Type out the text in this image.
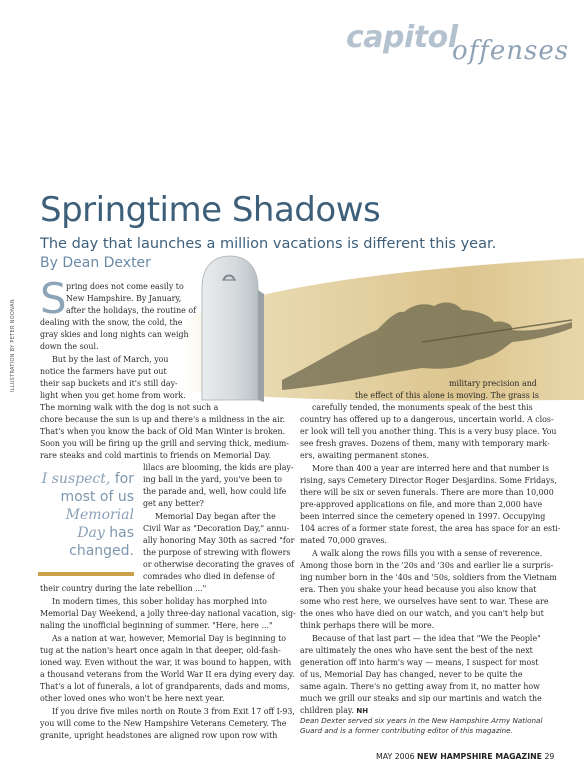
capitol
offenses
Springtime Shadows
The day that launches a million vacations is different this year.
By Dean Dexter
ILLUSTRATION BY PETER NOONAN
S pring does not come easily to
New Hampshire. By January,
after the holidays, the routine of
dealing with the snow, the cold, the
gray skies and long nights can weigh
down the soul.
But by the last of March, you
notice the farmers have put out
their sap buckets and it's still day-
light when you get home from work.
The morning walk with the dog is not such a
chore because the sun is up and there's a mildness in the air.
That's when you know the back of Old Man Winter is broken.
Soon you will be firing up the grill and serving thick, medium-
rare steaks and cold martinis to friends on Memorial Day.
lilacs are blooming, the kids are play-
ing ball in the yard, you've been to
the parade and, well, how could life
get any better?
Memorial Day began after the
Civil War as "Decoration Day," annu-
ally honoring May 30th as sacred "for
the purpose of strewing with flowers
or otherwise decorating the graves of
comrades who died in defense of
their country during the late rebellion ..."
In modern times, this sober holiday has morphed into
Memorial Day Weekend, a jolly three-day national vacation, sig-
naling the unofficial beginning of summer. "Here, here ..."
As a nation at war, however, Memorial Day is beginning to
tug at the nation's heart once again in that deeper, old-fash-
ioned way. Even without the war, it was bound to happen, with
a thousand veterans from the World War II era dying every day.
That's a lot of funerals, a lot of grandparents, dads and moms,
other loved ones who won't be here next year.
If you drive five miles north on Route 3 from Exit 17 off I-93,
you will come to the New Hampshire Veterans Cemetery. The
granite, upright headstones are aligned row upon row with
I suspect, for
most of us
Memorial
Day has
changed.
military precision and
the effect of this alone is moving. The grass is
carefully tended, the monuments speak of the best this
country has offered up to a dangerous, uncertain world. A clos-
er look will tell you another thing. This is a very busy place. You
see fresh graves. Dozens of them, many with temporary mark-
ers, awaiting permanent stones.
More than 400 a year are interred here and that number is
rising, says Cemetery Director Roger Desjardins. Some Fridays,
there will be six or seven funerals. There are more than 10,000
pre-approved applications on file, and more than 2,000 have
been interred since the cemetery opened in 1997. Occupying
104 acres of a former state forest, the area has space for an esti-
mated 70,000 graves.
A walk along the rows fills you with a sense of reverence.
Among those born in the '20s and '30s and earlier lie a surpris-
ing number born in the '40s and '50s, soldiers from the Vietnam
era. Then you shake your head because you also know that
some who rest here, we ourselves have sent to war. These are
the ones who have died on our watch, and you can't help but
think perhaps there will be more.
Because of that last part — the idea that "We the People"
are ultimately the ones who have sent the best of the next
generation off into harm's way — means, I suspect for most
of us, Memorial Day has changed, never to be quite the
same again. There's no getting away from it, no matter how
much we grill our steaks and sip our martinis and watch the
children play. NH
Dean Dexter served six years in the New Hampshire Army National
Guard and is a former contributing editor of this magazine.
MAY 2006 NEW HAMPSHIRE MAGAZINE 29
